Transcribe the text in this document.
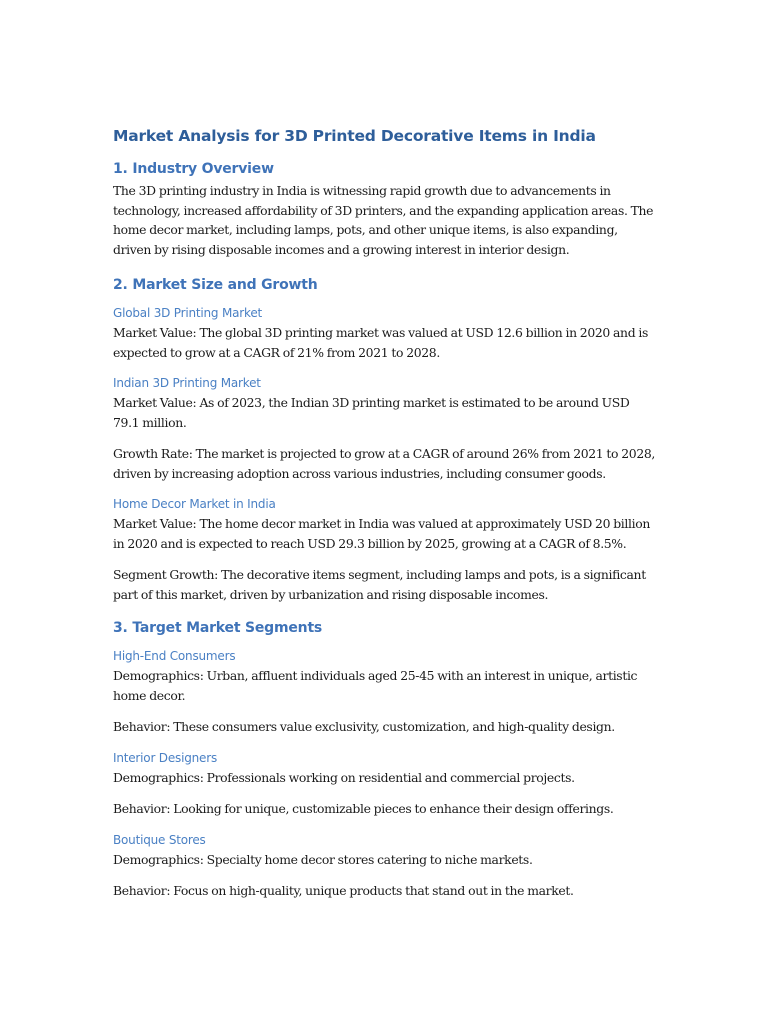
Market Analysis for 3D Printed Decorative Items in India
1. Industry Overview

The 3D printing industry in India is witnessing rapid growth due to advancements in technology, increased affordability of 3D printers, and the expanding application areas. The home decor market, including lamps, pots, and other unique items, is also expanding, driven by rising disposable incomes and a growing interest in interior design.

2. Market Size and Growth
Global 3D Printing Market

Market Value: The global 3D printing market was valued at USD 12.6 billion in 2020 and is expected to grow at a CAGR of 21% from 2021 to 2028.

Indian 3D Printing Market

Market Value: As of 2023, the Indian 3D printing market is estimated to be around USD 79.1 million.

Growth Rate: The market is projected to grow at a CAGR of around 26% from 2021 to 2028, driven by increasing adoption across various industries, including consumer goods.

Home Decor Market in India

Market Value: The home decor market in India was valued at approximately USD 20 billion in 2020 and is expected to reach USD 29.3 billion by 2025, growing at a CAGR of 8.5%.

Segment Growth: The decorative items segment, including lamps and pots, is a significant part of this market, driven by urbanization and rising disposable incomes.

3. Target Market Segments
High-End Consumers

Demographics: Urban, affluent individuals aged 25-45 with an interest in unique, artistic home decor.

Behavior: These consumers value exclusivity, customization, and high-quality design.

Interior Designers

Demographics: Professionals working on residential and commercial projects.

Behavior: Looking for unique, customizable pieces to enhance their design offerings.

Boutique Stores

Demographics: Specialty home decor stores catering to niche markets.

Behavior: Focus on high-quality, unique products that stand out in the market.
